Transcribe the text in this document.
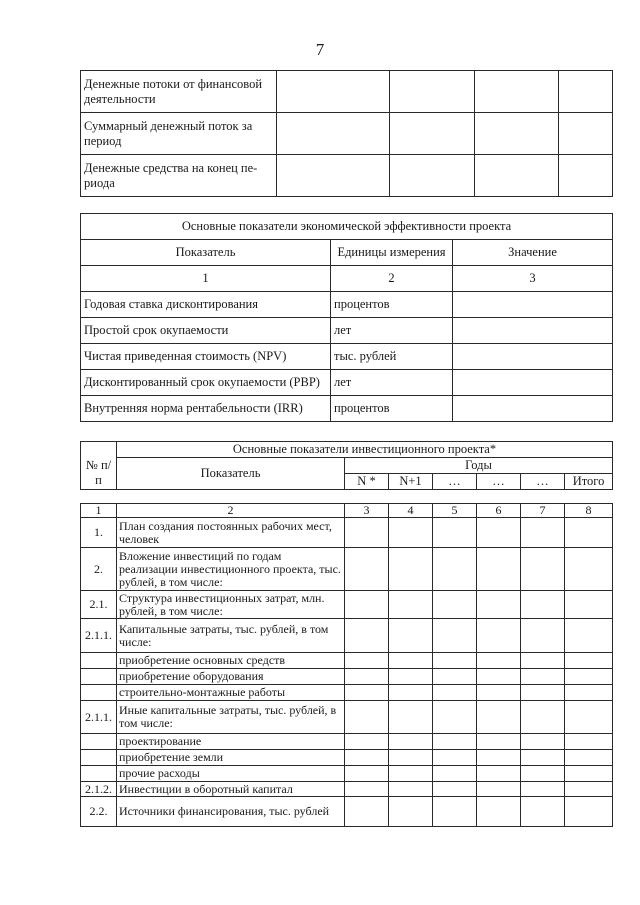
7
Денежные потоки от финансовой деятельности				
Суммарный денежный поток за период				
Денежные средства на конец пе-риода				
Основные показатели экономической эффективности проекта		
Показатель	Единицы измерения	Значение
1	2	3
Годовая ставка дисконтирования	процентов	
Простой срок окупаемости	лет	
Чистая приведенная стоимость (NPV)	тыс. рублей	
Дисконтированный срок окупаемости (PBP)	лет	
Внутренняя норма рентабельности (IRR)	процентов	
	Основные показатели инвестиционного проекта*						
№ п/п	Показатель	Годы					
		N *	N+1	…	…	…	Итого
1	2	3	4	5	6	7	8
1.	План создания постоянных рабочих мест, человек						
2.	Вложение инвестиций по годам реализации инвестиционного проекта, тыс. рублей, в том числе:						
2.1.	Структура инвестиционных затрат, млн. рублей, в том числе:						
2.1.1.	Капитальные затраты, тыс. рублей, в том числе:						
	приобретение основных средств						
	приобретение оборудования						
	строительно-монтажные работы						
2.1.1.	Иные капитальные затраты, тыс. рублей, в том числе:						
	проектирование						
	приобретение земли						
	прочие расходы						
2.1.2.	Инвестиции в оборотный капитал						
2.2.	Источники финансирования, тыс. рублей						
